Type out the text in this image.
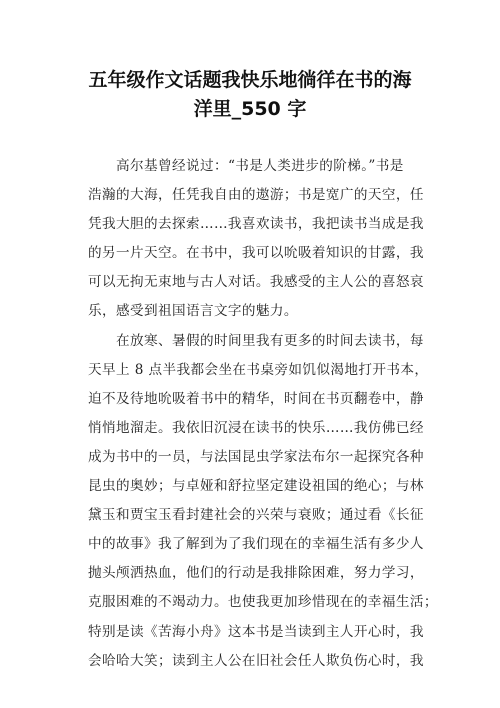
五年级作文话题我快乐地徜徉在书的海
洋里_550 字
高尔基曾经说过：“书是人类进步的阶梯。”书是
浩瀚的大海，任凭我自由的遨游；书是宽广的天空，任
凭我大胆的去探索……我喜欢读书，我把读书当成是我
的另一片天空。在书中，我可以吮吸着知识的甘露，我
可以无拘无束地与古人对话。我感受的主人公的喜怒哀
乐，感受到祖国语言文字的魅力。
在放寒、暑假的时间里我有更多的时间去读书，每
天早上 8 点半我都会坐在书桌旁如饥似渴地打开书本，
迫不及待地吮吸着书中的精华，时间在书页翻卷中，静
悄悄地溜走。我依旧沉浸在读书的快乐……我仿佛已经
成为书中的一员，与法国昆虫学家法布尔一起探究各种
昆虫的奥妙；与卓娅和舒拉坚定建设祖国的绝心；与林
黛玉和贾宝玉看封建社会的兴荣与衰败；通过看《长征
中的故事》我了解到为了我们现在的幸福生活有多少人
抛头颅洒热血，他们的行动是我排除困难，努力学习，
克服困难的不竭动力。也使我更加珍惜现在的幸福生活；
特别是读《苦海小舟》这本书是当读到主人开心时，我
会哈哈大笑；读到主人公在旧社会任人欺负伤心时，我
